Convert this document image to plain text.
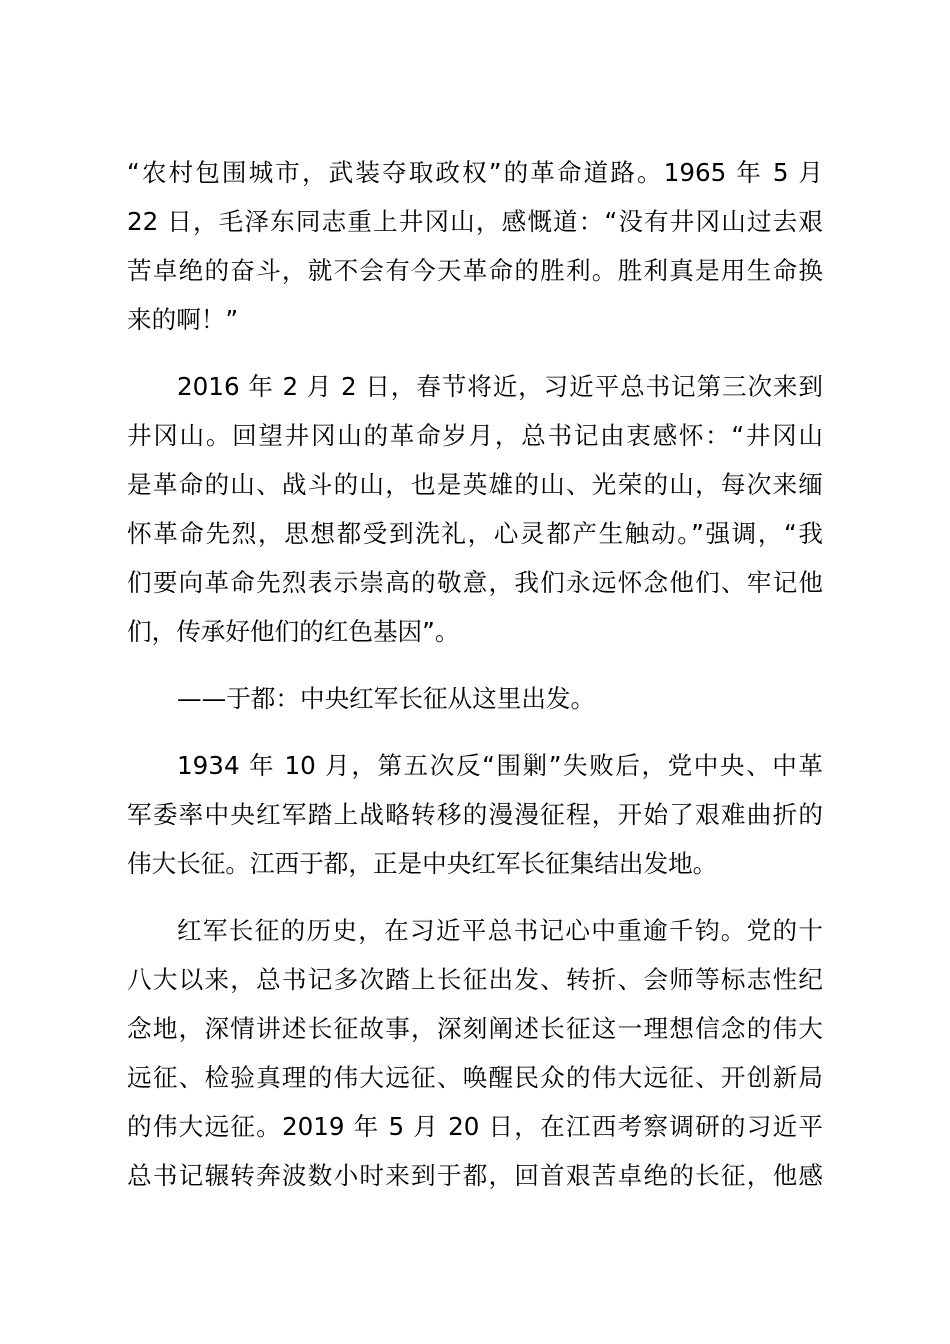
“农村包围城市，武装夺取政权”的革命道路。1965 年 5 月
22 日，毛泽东同志重上井冈山，感慨道：“没有井冈山过去艰
苦卓绝的奋斗，就不会有今天革命的胜利。胜利真是用生命换
来的啊！”
2016 年 2 月 2 日，春节将近，习近平总书记第三次来到
井冈山。回望井冈山的革命岁月，总书记由衷感怀：“井冈山
是革命的山、战斗的山，也是英雄的山、光荣的山，每次来缅
怀革命先烈，思想都受到洗礼，心灵都产生触动。”强调，“我
们要向革命先烈表示崇高的敬意，我们永远怀念他们、牢记他
们，传承好他们的红色基因”。
——于都：中央红军长征从这里出发。
1934 年 10 月，第五次反“围剿”失败后，党中央、中革
军委率中央红军踏上战略转移的漫漫征程，开始了艰难曲折的
伟大长征。江西于都，正是中央红军长征集结出发地。
红军长征的历史，在习近平总书记心中重逾千钧。党的十
八大以来，总书记多次踏上长征出发、转折、会师等标志性纪
念地，深情讲述长征故事，深刻阐述长征这一理想信念的伟大
远征、检验真理的伟大远征、唤醒民众的伟大远征、开创新局
的伟大远征。2019 年 5 月 20 日，在江西考察调研的习近平
总书记辗转奔波数小时来到于都，回首艰苦卓绝的长征，他感
